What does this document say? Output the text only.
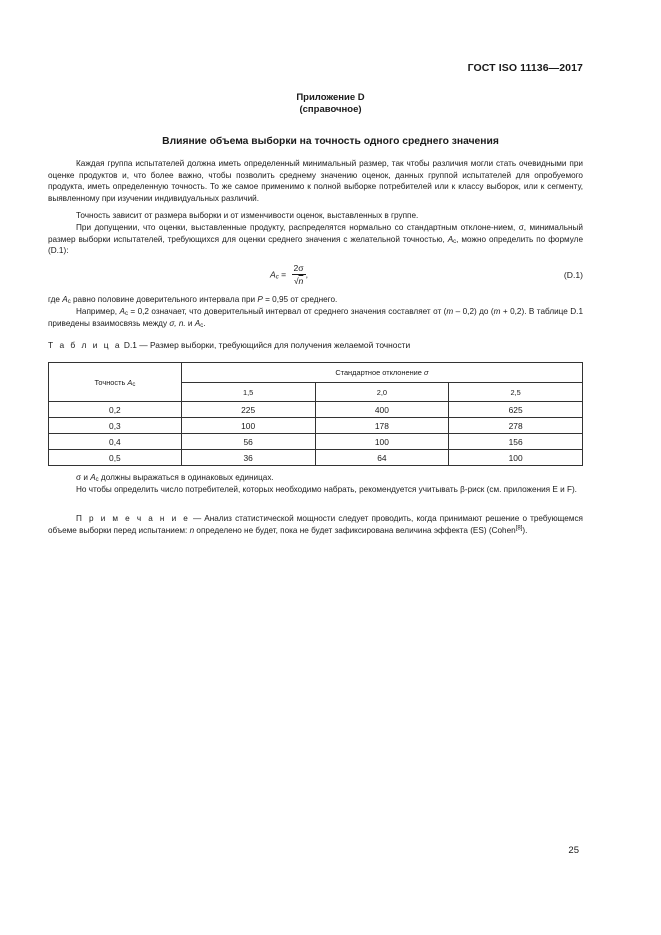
ГОСТ ISO 11136—2017
Приложение D
(справочное)
Влияние объема выборки на точность одного среднего значения
Каждая группа испытателей должна иметь определенный минимальный размер, так чтобы различия могли стать очевидными при оценке продуктов и, что более важно, чтобы позволить среднему значению оценок, данных группой испытателей для опробуемого продукта, иметь определенную точность. То же самое применимо к полной выборке потребителей или к классу выборок, или к сегменту, выявленному при изучении индивидуальных различий.
Точность зависит от размера выборки и от изменчивости оценок, выставленных в группе.
При допущении, что оценки, выставленные продукту, распределятся нормально со стандартным отклоне-нием, σ, минимальный размер выборки испытателей, требующихся для оценки среднего значения с желательной точностью, $A_c$, можно определить по формуле (D.1):
$A_c = \frac{2\sigma}{√n}$ ,	(D.1)
где $A_c$ равно половине доверительного интервала при P = 0,95 от среднего.
Например, $A_c = 0,2$ означает, что доверительный интервал от среднего значения составляет от (m – 0,2) до (m + 0,2). В таблице D.1 приведены взаимосвязь между σ, n. и $A_c$.
Т а б л и ц а D.1 — Размер выборки, требующийся для получения желаемой точности
Точность $A_c$	Стандартное отклонение σ		
	1,5	2,0	2,5
0,2	225	400	625
0,3	100	178	278
0,4	56	100	156
0,5	36	64	100
σ и $A_c$ должны выражаться в одинаковых единицах.
Но чтобы определить число потребителей, которых необходимо набрать, рекомендуется учитывать β-риск (см. приложения E и F).
П р и м е ч а н и е — Анализ статистической мощности следует проводить, когда принимают решение о требующемся объеме выборки перед испытанием: n определено не будет, пока не будет зафиксирована величина эффекта (ES) (Cohen[8]).
25
